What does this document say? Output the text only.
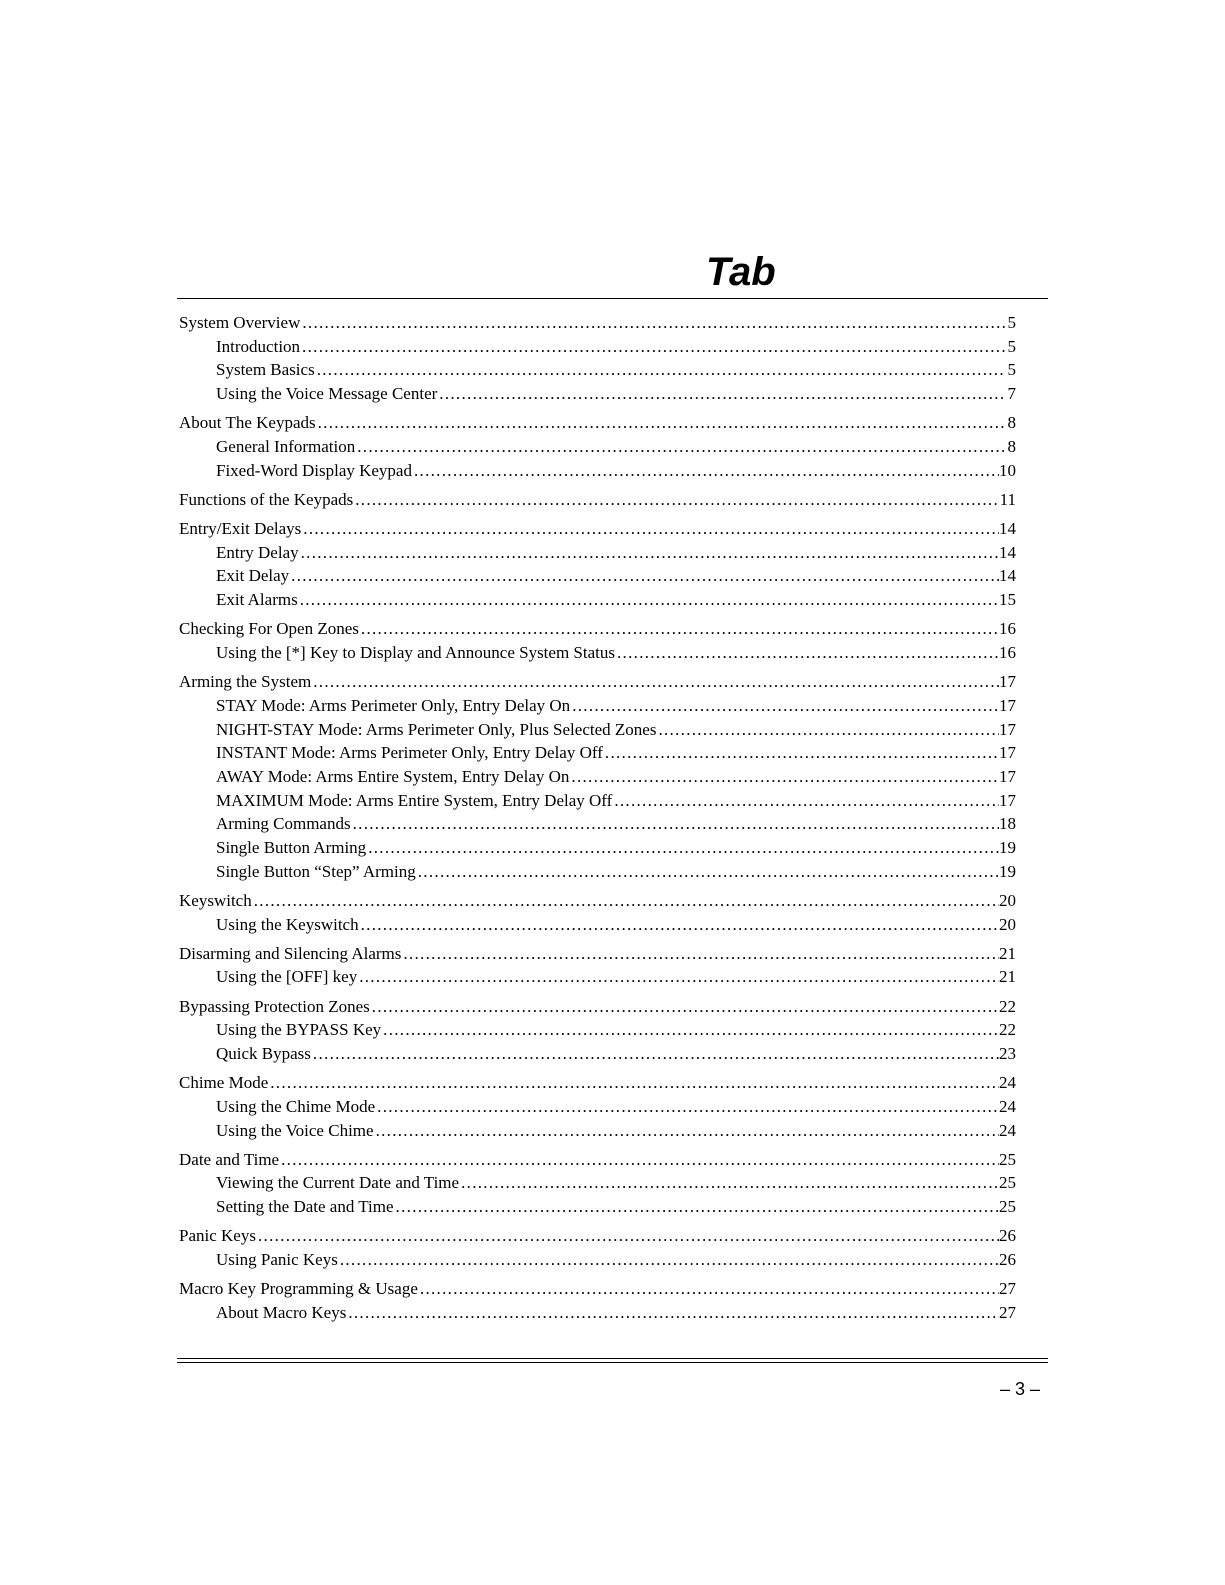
Tab
System Overview .....	5
Introduction .....	5
System Basics .....	5
Using the Voice Message Center .....	7
About The Keypads .....	8
General Information .....	8
Fixed-Word Display Keypad .....	10
Functions of the Keypads .....	11
Entry/Exit Delays .....	14
Entry Delay .....	14
Exit Delay .....	14
Exit Alarms .....	15
Checking For Open Zones .....	16
Using the [*] Key to Display and Announce System Status .....	16
Arming the System .....	17
STAY Mode: Arms Perimeter Only, Entry Delay On .....	17
NIGHT-STAY Mode: Arms Perimeter Only, Plus Selected Zones .....	17
INSTANT Mode: Arms Perimeter Only, Entry Delay Off .....	17
AWAY Mode: Arms Entire System, Entry Delay On .....	17
MAXIMUM Mode: Arms Entire System, Entry Delay Off .....	17
Arming Commands .....	18
Single Button Arming .....	19
Single Button “Step” Arming .....	19
Keyswitch .....	20
Using the Keyswitch .....	20
Disarming and Silencing Alarms .....	21
Using the [OFF] key .....	21
Bypassing Protection Zones .....	22
Using the BYPASS Key .....	22
Quick Bypass .....	23
Chime Mode .....	24
Using the Chime Mode .....	24
Using the Voice Chime .....	24
Date and Time .....	25
Viewing the Current Date and Time .....	25
Setting the Date and Time .....	25
Panic Keys .....	26
Using Panic Keys .....	26
Macro Key Programming & Usage .....	27
About Macro Keys .....	27
– 3 –
